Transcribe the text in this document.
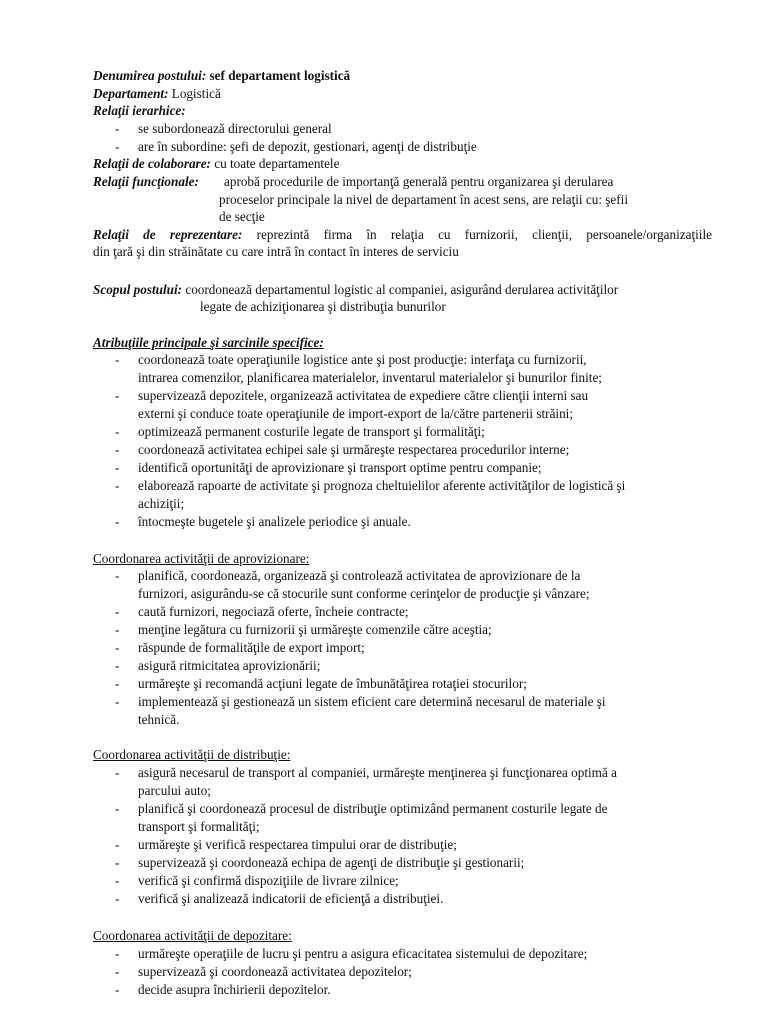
Denumirea postului: sef departament logistică
Departament: Logistică
Relaţii ierarhice:
- se subordonează directorului general
- are în subordine: şefi de depozit, gestionari, agenţi de distribuţie
Relaţii de colaborare: cu toate departamentele
Relaţii funcţionale: aprobă procedurile de importanţă generală pentru organizarea şi derularea
proceselor principale la nivel de departament în acest sens, are relaţii cu: şefii
de secţie
Relaţii de reprezentare: reprezintă firma în relaţia cu furnizorii, clienţii, persoanele/organizaţiile
din ţară şi din străinătate cu care intră în contact în interes de serviciu
Scopul postului: coordonează departamentul logistic al companiei, asigurând derularea activităţilor
legate de achiziţionarea şi distribuţia bunurilor
Atribuţiile principale şi sarcinile specifice:
- coordonează toate operaţiunile logistice ante şi post producţie: interfaţa cu furnizorii,
intrarea comenzilor, planificarea materialelor, inventarul materialelor şi bunurilor finite;
- supervizează depozitele, organizează activitatea de expediere către clienţii interni sau
externi şi conduce toate operaţiunile de import-export de la/către partenerii străini;
- optimizează permanent costurile legate de transport şi formalităţi;
- coordonează activitatea echipei sale şi urmăreşte respectarea procedurilor interne;
- identifică oportunităţi de aprovizionare şi transport optime pentru companie;
- elaborează rapoarte de activitate şi prognoza cheltuielilor aferente activităţilor de logistică şi
achiziţii;
- întocmeşte bugetele şi analizele periodice şi anuale.
Coordonarea activităţii de aprovizionare:
- planifică, coordonează, organizează şi controlează activitatea de aprovizionare de la
furnizori, asigurându-se că stocurile sunt conforme cerinţelor de producţie şi vânzare;
- caută furnizori, negociază oferte, încheie contracte;
- menţine legătura cu furnizorii şi urmăreşte comenzile către aceştia;
- răspunde de formalităţile de export import;
- asigură ritmicitatea aprovizionării;
- urmăreşte şi recomandă acţiuni legate de îmbunătăţirea rotaţiei stocurilor;
- implementează şi gestionează un sistem eficient care determină necesarul de materiale şi
tehnică.
Coordonarea activităţii de distribuţie:
- asigură necesarul de transport al companiei, urmăreşte menţinerea şi funcţionarea optimă a
parcului auto;
- planifică şi coordonează procesul de distribuţie optimizând permanent costurile legate de
transport şi formalităţi;
- urmăreşte şi verifică respectarea timpului orar de distribuţie;
- supervizează şi coordonează echipa de agenţi de distribuţie şi gestionarii;
- verifică şi confirmă dispoziţiile de livrare zilnice;
- verifică şi analizează indicatorii de eficienţă a distribuţiei.
Coordonarea activităţii de depozitare:
- urmăreşte operaţiile de lucru şi pentru a asigura eficacitatea sistemului de depozitare;
- supervizează şi coordonează activitatea depozitelor;
- decide asupra închirierii depozitelor.
